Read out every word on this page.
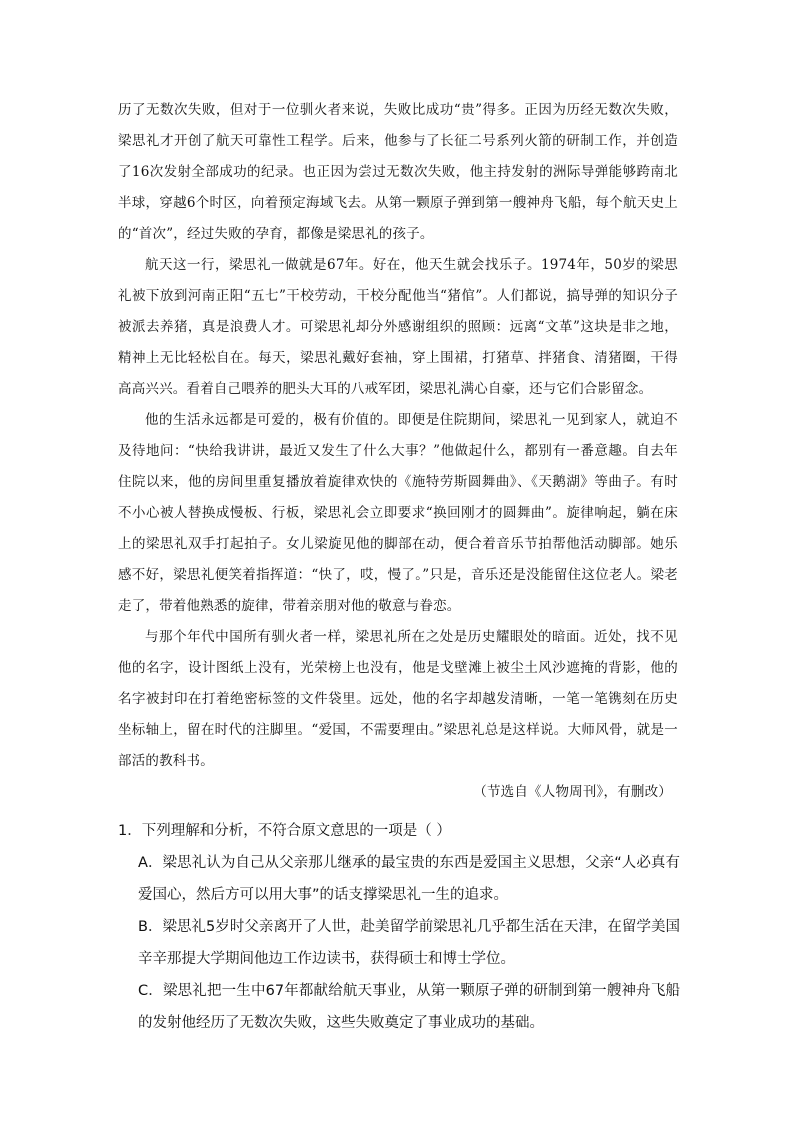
历了无数次失败，但对于一位驯火者来说，失败比成功“贵”得多。正因为历经无数次失败，梁思礼才开创了航天可靠性工程学。后来，他参与了长征二号系列火箭的研制工作，并创造了16次发射全部成功的纪录。也正因为尝过无数次失败，他主持发射的洲际导弹能够跨南北半球，穿越6个时区，向着预定海域飞去。从第一颗原子弹到第一艘神舟飞船，每个航天史上的“首次”，经过失败的孕育，都像是梁思礼的孩子。

航天这一行，梁思礼一做就是67年。好在，他天生就会找乐子。1974年，50岁的梁思礼被下放到河南正阳“五七”干校劳动，干校分配他当“猪倌”。人们都说，搞导弹的知识分子被派去养猪，真是浪费人才。可梁思礼却分外感谢组织的照顾：远离“文革”这块是非之地，精神上无比轻松自在。每天，梁思礼戴好套袖，穿上围裙，打猪草、拌猪食、清猪圈，干得高高兴兴。看着自己喂养的肥头大耳的八戒军团，梁思礼满心自豪，还与它们合影留念。

他的生活永远都是可爱的，极有价值的。即便是住院期间，梁思礼一见到家人，就迫不及待地问：“快给我讲讲，最近又发生了什么大事？”他做起什么，都别有一番意趣。自去年住院以来，他的房间里重复播放着旋律欢快的《施特劳斯圆舞曲》、《天鹅湖》等曲子。有时不小心被人替换成慢板、行板，梁思礼会立即要求“换回刚才的圆舞曲”。旋律响起，躺在床上的梁思礼双手打起拍子。女儿梁旋见他的脚部在动，便合着音乐节拍帮他活动脚部。她乐感不好，梁思礼便笑着指挥道：“快了，哎，慢了。”只是，音乐还是没能留住这位老人。梁老走了，带着他熟悉的旋律，带着亲朋对他的敬意与眷恋。

与那个年代中国所有驯火者一样，梁思礼所在之处是历史耀眼处的暗面。近处，找不见他的名字，设计图纸上没有，光荣榜上也没有，他是戈壁滩上被尘土风沙遮掩的背影，他的名字被封印在打着绝密标签的文件袋里。远处，他的名字却越发清晰，一笔一笔镌刻在历史坐标轴上，留在时代的注脚里。“爱国，不需要理由。”梁思礼总是这样说。大师风骨，就是一部活的教科书。

（节选自《人物周刊》，有删改）

1．下列理解和分析，不符合原文意思的一项是（ ）

A．梁思礼认为自己从父亲那儿继承的最宝贵的东西是爱国主义思想，父亲“人必真有爱国心，然后方可以用大事”的话支撑梁思礼一生的追求。

B．梁思礼5岁时父亲离开了人世，赴美留学前梁思礼几乎都生活在天津，在留学美国辛辛那提大学期间他边工作边读书，获得硕士和博士学位。

C．梁思礼把一生中67年都献给航天事业，从第一颗原子弹的研制到第一艘神舟飞船的发射他经历了无数次失败，这些失败奠定了事业成功的基础。
